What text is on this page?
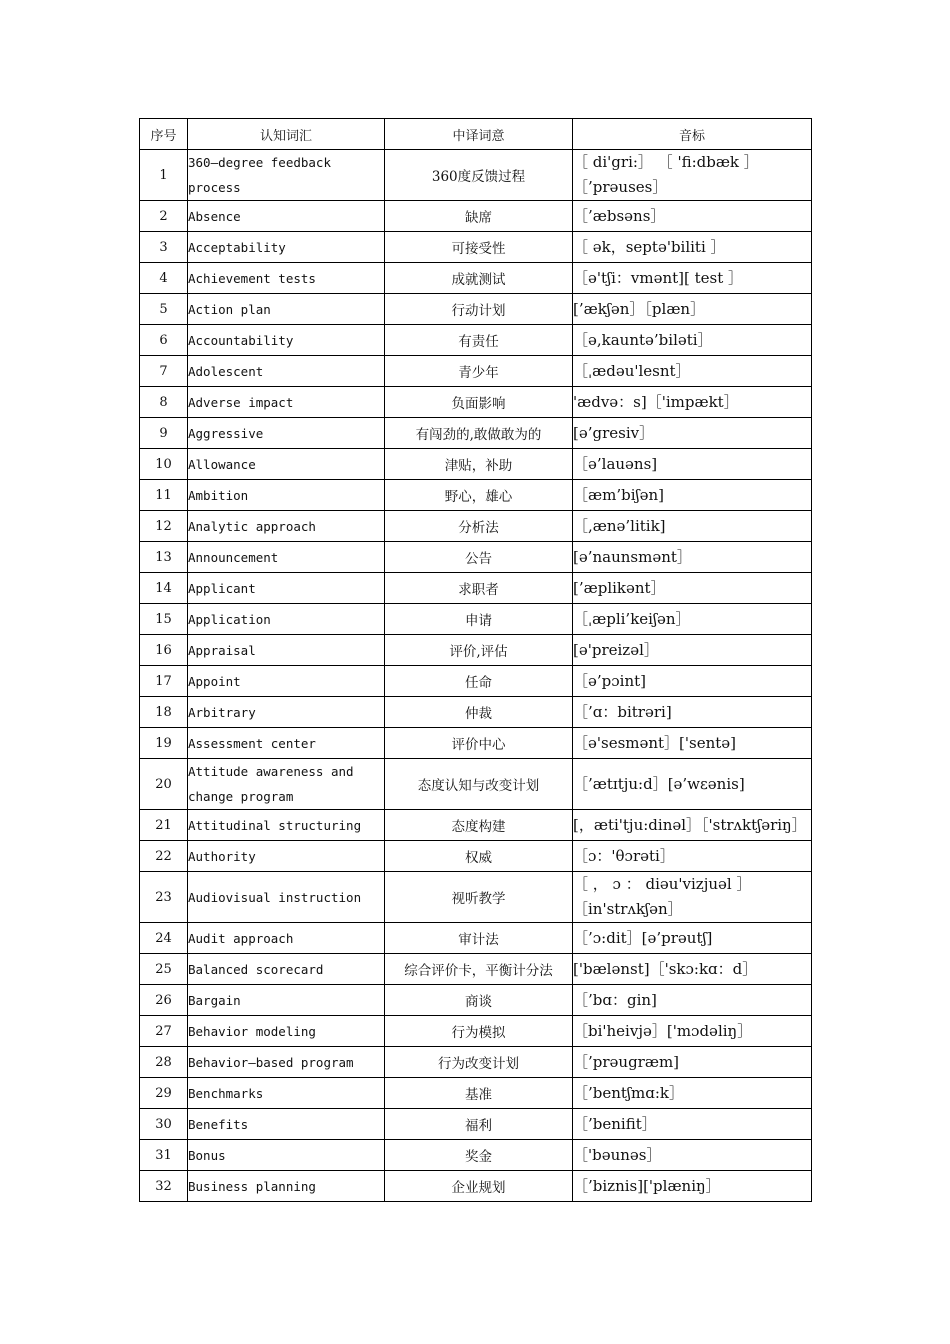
序号	认知词汇	中译词意	音标
1	360—degree feedback process	360度反馈过程	［ di'gri:］ ［ 'fi:dbæk ］［’prəuses］
2	Absence	缺席	［’æbsəns］
3	Acceptability	可接受性	［ ək，septə'biliti ］
4	Achievement tests	成就测试	［ə'tʃi：vmənt][ test ］
5	Action plan	行动计划	[’ækʃən］［plæn］
6	Accountability	有责任	［ə,kauntə’biləti］
7	Adolescent	青少年	［ˌædəu'lesnt］
8	Adverse impact	负面影响	'ædvə：s]［'impækt］
9	Aggressive	有闯劲的,敢做敢为的	[ə’gresiv］
10	Allowance	津贴，补助	［ə’lauəns]
11	Ambition	野心，雄心	［æm’biʃən]
12	Analytic approach	分析法	［,ænə’litik]
13	Announcement	公告	[ə’naunsmənt］
14	Applicant	求职者	[’æplikənt］
15	Application	申请	［ˌæpli’keiʃən］
16	Appraisal	评价,评估	[ə'preizəl］
17	Appoint	任命	［ə’pɔint]
18	Arbitrary	仲裁	［’ɑ：bitrəri]
19	Assessment center	评价中心	［ə'sesmənt］['sentə]
20	Attitude awareness and change program	态度认知与改变计划	［’ætɪtju:d］[ə’wεənis]
21	Attitudinal structuring	态度构建	[，æti'tju:dinəl］［'strʌktʃəriŋ］
22	Authority	权威	［ɔ：'θɔrəti］
23	Audiovisual instruction	视听教学	［ ， ɔ ： diəu'vizjuəl ］［in'strʌkʃən］
24	Audit approach	审计法	［’ɔ:dit］[ə’prəutʃ]
25	Balanced scorecard	综合评价卡，平衡计分法	['bælənst]［'skɔ:kɑ：d］
26	Bargain	商谈	［’bɑ：gin]
27	Behavior modeling	行为模拟	［bi'heivjə］['mɔdəliŋ］
28	Behavior—based program	行为改变计划	［’prəugræm]
29	Benchmarks	基准	［’bentʃmɑ:k］
30	Benefits	福利	［’benifit］
31	Bonus	奖金	［'bəunəs］
32	Business planning	企业规划	［’biznis]['plæniŋ］
